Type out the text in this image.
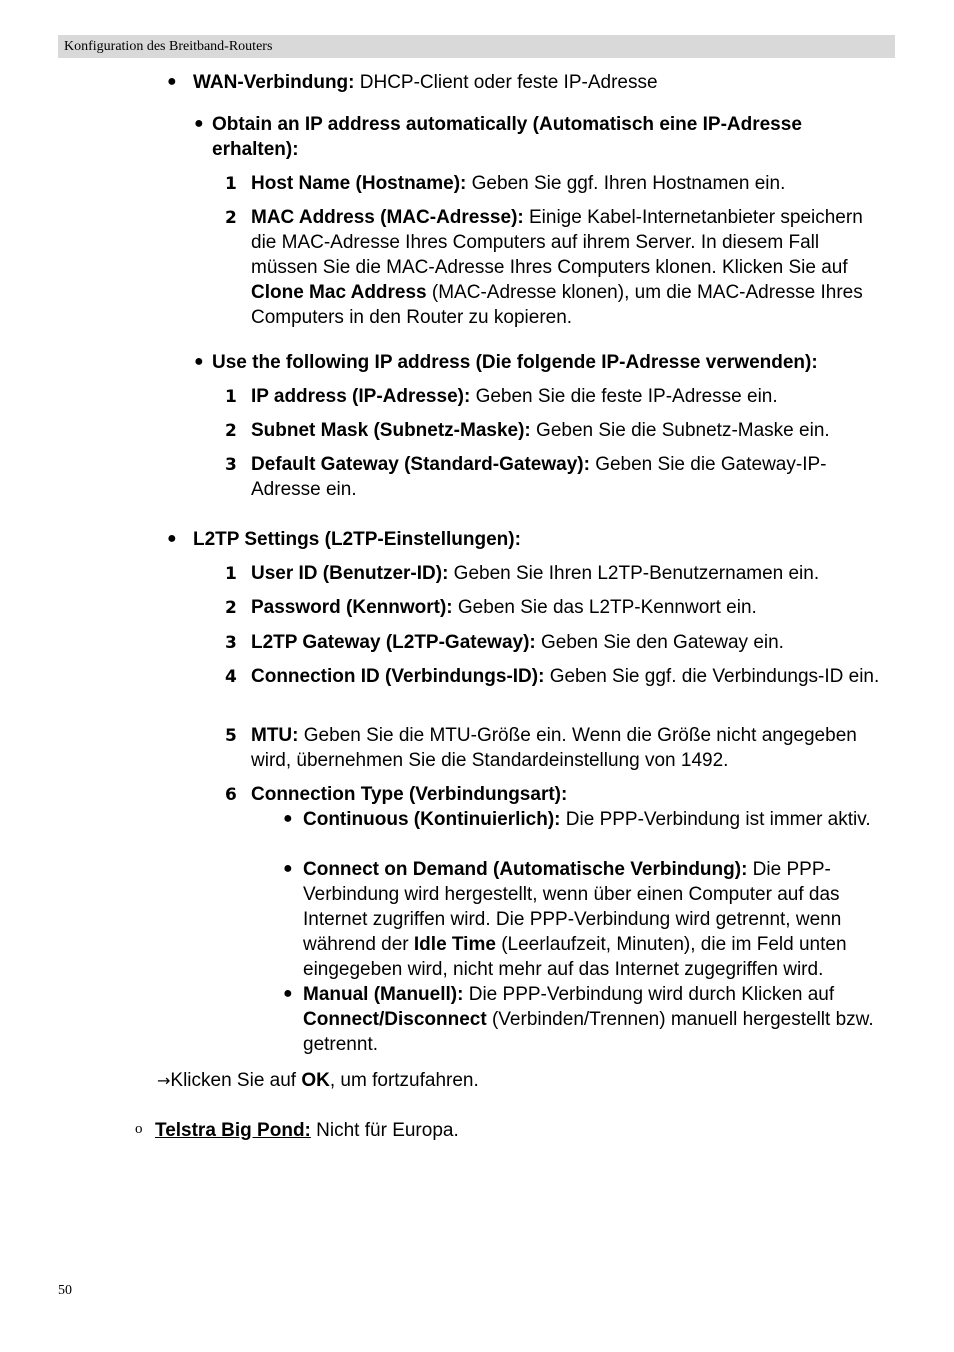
Konfiguration des Breitband-Routers
● WAN-Verbindung: DHCP-Client oder feste IP-Adresse
● Obtain an IP address automatically (Automatisch eine IP-Adresse erhalten):
1 Host Name (Hostname): Geben Sie ggf. Ihren Hostnamen ein.
2 MAC Address (MAC-Adresse): Einige Kabel-Internetanbieter speichern die MAC-Adresse Ihres Computers auf ihrem Server. In diesem Fall müssen Sie die MAC-Adresse Ihres Computers klonen. Klicken Sie auf Clone Mac Address (MAC-Adresse klonen), um die MAC-Adresse Ihres Computers in den Router zu kopieren.
● Use the following IP address (Die folgende IP-Adresse verwenden):
1 IP address (IP-Adresse): Geben Sie die feste IP-Adresse ein.
2 Subnet Mask (Subnetz-Maske): Geben Sie die Subnetz-Maske ein.
3 Default Gateway (Standard-Gateway): Geben Sie die Gateway-IP-Adresse ein.
● L2TP Settings (L2TP-Einstellungen):
1 User ID (Benutzer-ID): Geben Sie Ihren L2TP-Benutzernamen ein.
2 Password (Kennwort): Geben Sie das L2TP-Kennwort ein.
3 L2TP Gateway (L2TP-Gateway): Geben Sie den Gateway ein.
4 Connection ID (Verbindungs-ID): Geben Sie ggf. die Verbindungs-ID ein.
5 MTU: Geben Sie die MTU-Größe ein. Wenn die Größe nicht angegeben wird, übernehmen Sie die Standardeinstellung von 1492.
6 Connection Type (Verbindungsart):
● Continuous (Kontinuierlich): Die PPP-Verbindung ist immer aktiv.
● Connect on Demand (Automatische Verbindung): Die PPP-Verbindung wird hergestellt, wenn über einen Computer auf das Internet zugriffen wird. Die PPP-Verbindung wird getrennt, wenn während der Idle Time (Leerlaufzeit, Minuten), die im Feld unten eingegeben wird, nicht mehr auf das Internet zugegriffen wird.
● Manual (Manuell): Die PPP-Verbindung wird durch Klicken auf Connect/Disconnect (Verbinden/Trennen) manuell hergestellt bzw. getrennt.
→Klicken Sie auf OK, um fortzufahren.
o Telstra Big Pond: Nicht für Europa.
50
